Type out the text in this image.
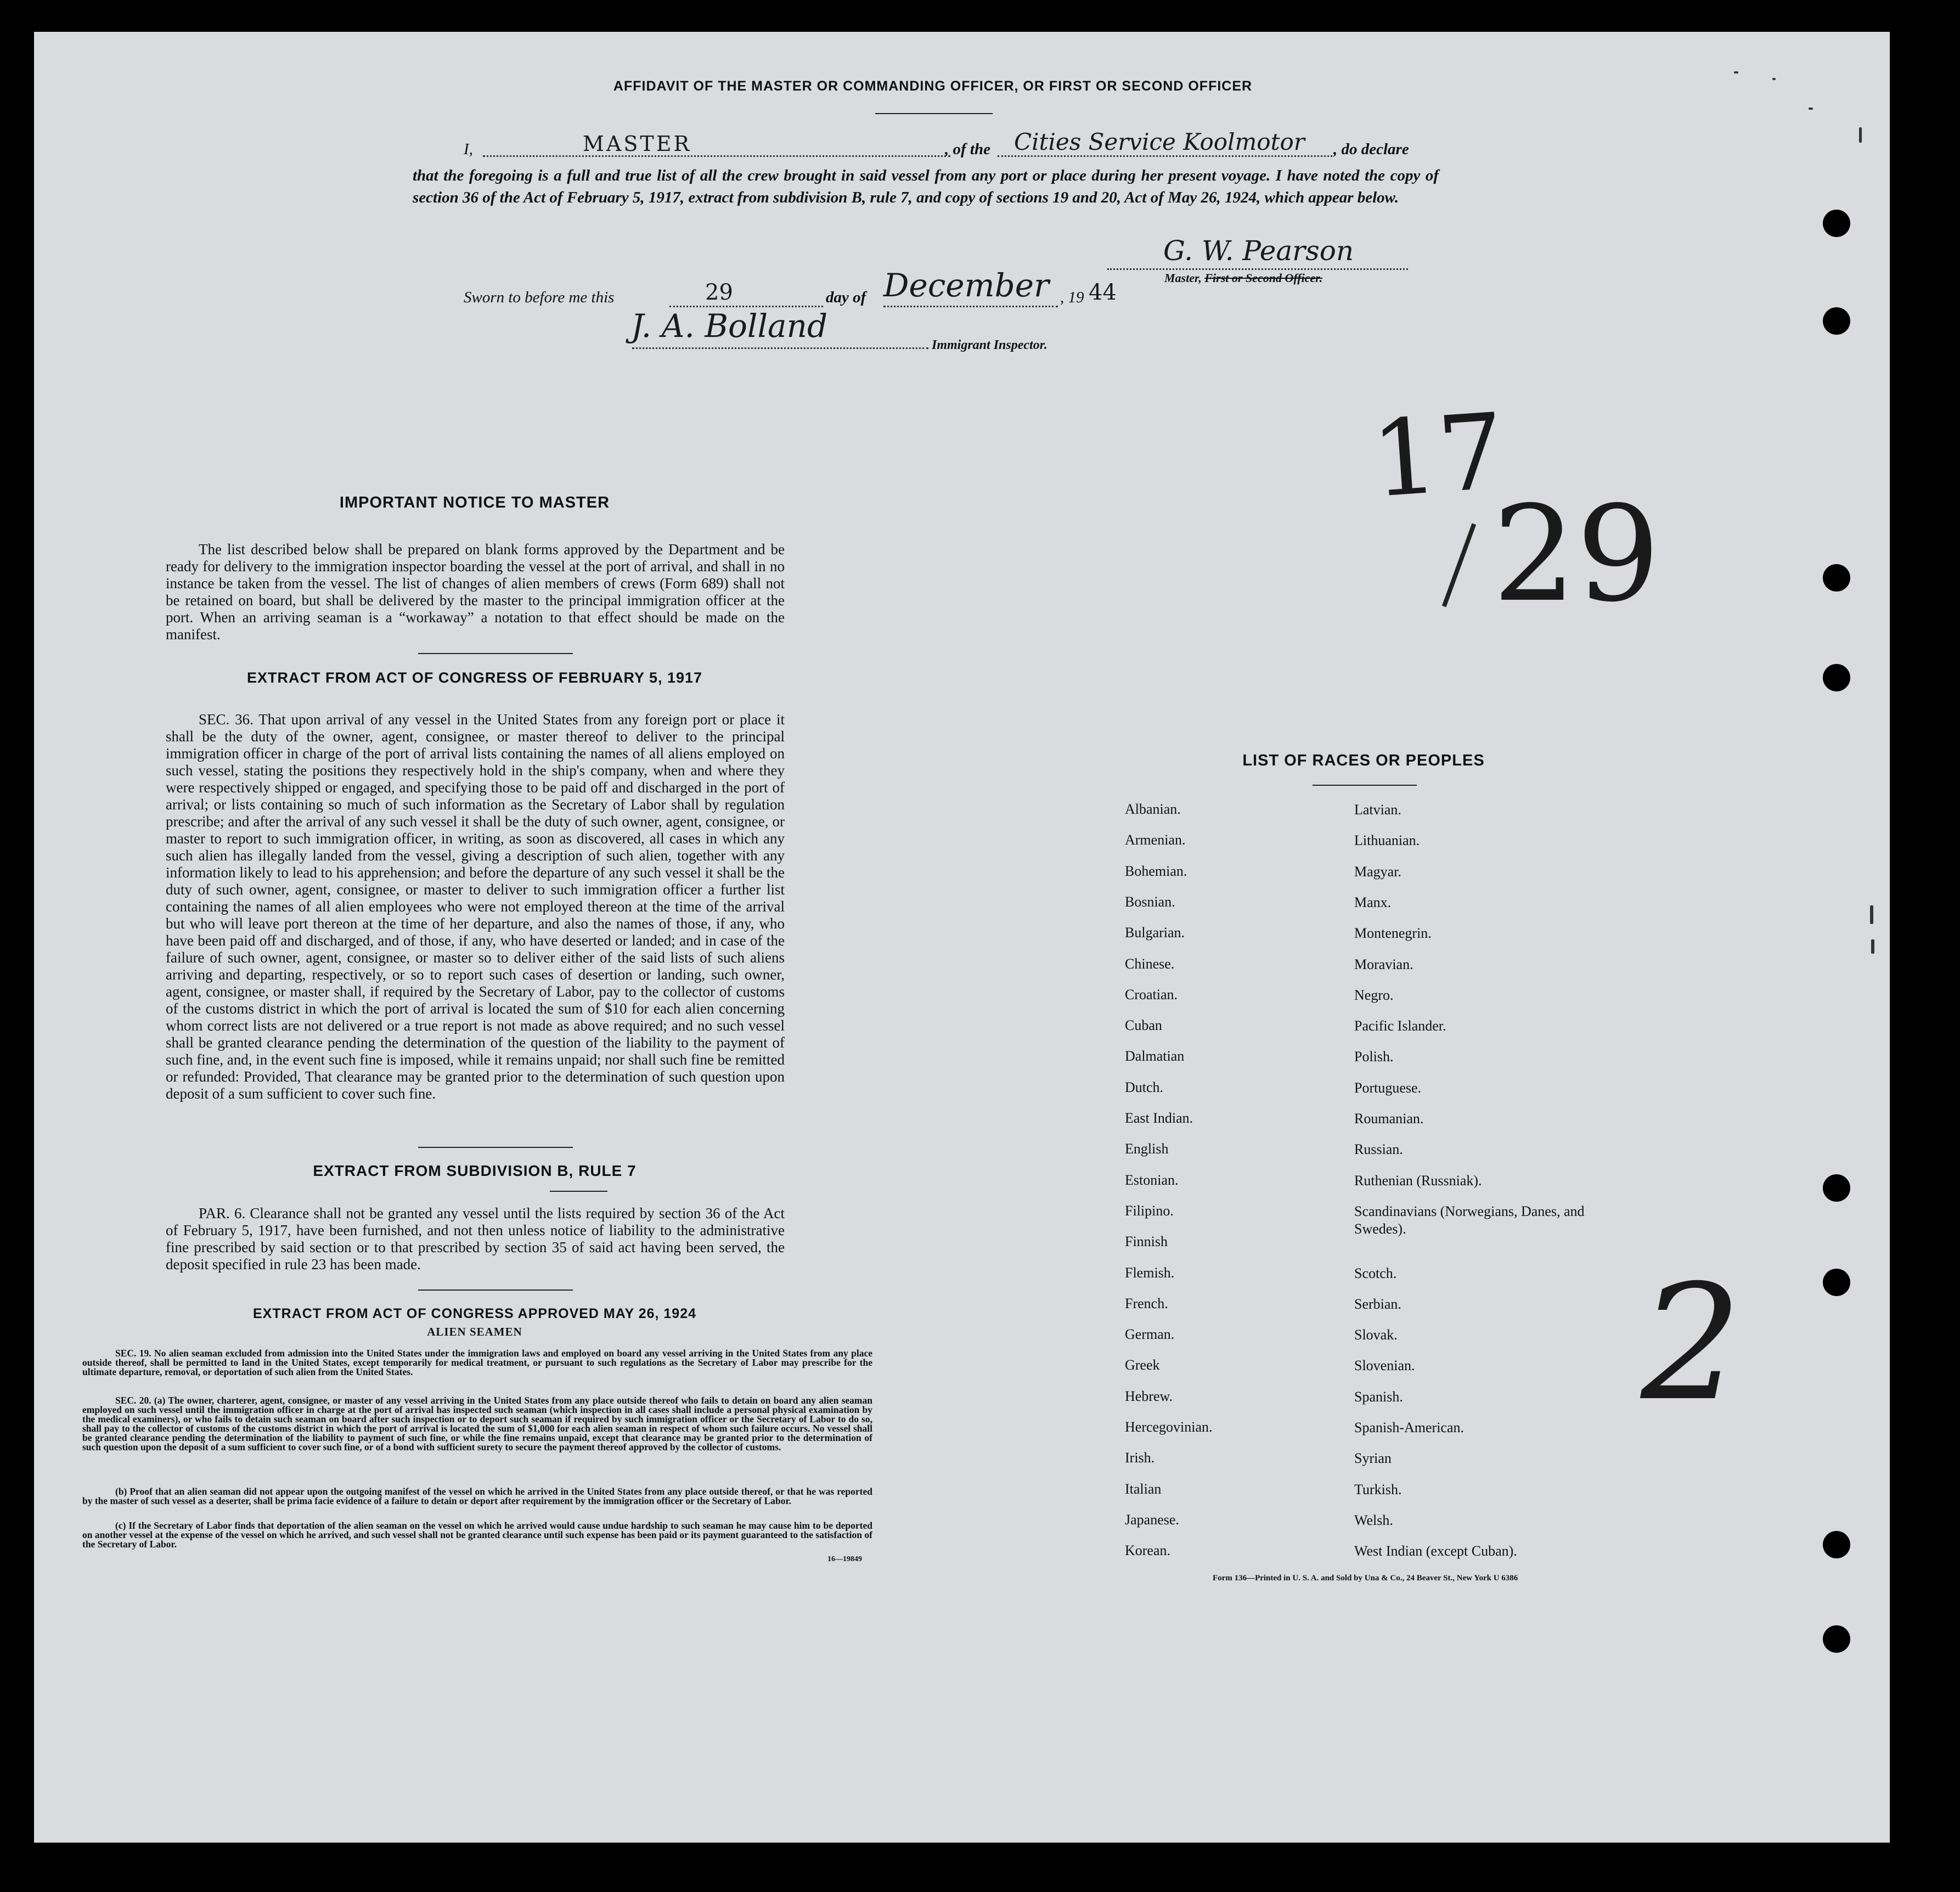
AFFIDAVIT OF THE MASTER OR COMMANDING OFFICER, OR FIRST OR SECOND OFFICER
I,	MASTER	, of the Cities Service Koolmotor , do declare
that the foregoing is a full and true list of all the crew brought in said vessel from any port or place during her present voyage. I have noted the copy of section 36 of the Act of February 5, 1917, extract from subdivision B, rule 7, and copy of sections 19 and 20, Act of May 26, 1924, which appear below.
G. W. Pearson
Master, First or Second Officer.
Sworn to before me this	29	day of December , 19 44
J. A. Bolland
Immigrant Inspector.
17
29
2
IMPORTANT NOTICE TO MASTER
The list described below shall be prepared on blank forms approved by the Department and be ready for delivery to the immigration inspector boarding the vessel at the port of arrival, and shall in no instance be taken from the vessel. The list of changes of alien members of crews (Form 689) shall not be retained on board, but shall be delivered by the master to the principal immigration officer at the port. When an arriving seaman is a “workaway” a notation to that effect should be made on the manifest.
EXTRACT FROM ACT OF CONGRESS OF FEBRUARY 5, 1917
SEC. 36. That upon arrival of any vessel in the United States from any foreign port or place it shall be the duty of the owner, agent, consignee, or master thereof to deliver to the principal immigration officer in charge of the port of arrival lists containing the names of all aliens employed on such vessel, stating the positions they respectively hold in the ship's company, when and where they were respectively shipped or engaged, and specifying those to be paid off and discharged in the port of arrival; or lists containing so much of such information as the Secretary of Labor shall by regulation prescribe; and after the arrival of any such vessel it shall be the duty of such owner, agent, consignee, or master to report to such immigration officer, in writing, as soon as discovered, all cases in which any such alien has illegally landed from the vessel, giving a description of such alien, together with any information likely to lead to his apprehension; and before the departure of any such vessel it shall be the duty of such owner, agent, consignee, or master to deliver to such immigration officer a further list containing the names of all alien employees who were not employed thereon at the time of the arrival but who will leave port thereon at the time of her departure, and also the names of those, if any, who have been paid off and discharged, and of those, if any, who have deserted or landed; and in case of the failure of such owner, agent, consignee, or master so to deliver either of the said lists of such aliens arriving and departing, respectively, or so to report such cases of desertion or landing, such owner, agent, consignee, or master shall, if required by the Secretary of Labor, pay to the collector of customs of the customs district in which the port of arrival is located the sum of $10 for each alien concerning whom correct lists are not delivered or a true report is not made as above required; and no such vessel shall be granted clearance pending the determination of the question of the liability to the payment of such fine, and, in the event such fine is imposed, while it remains unpaid; nor shall such fine be remitted or refunded: Provided, That clearance may be granted prior to the determination of such question upon deposit of a sum sufficient to cover such fine.
EXTRACT FROM SUBDIVISION B, RULE 7
PAR. 6. Clearance shall not be granted any vessel until the lists required by section 36 of the Act of February 5, 1917, have been furnished, and not then unless notice of liability to the administrative fine prescribed by said section or to that prescribed by section 35 of said act having been served, the deposit specified in rule 23 has been made.
EXTRACT FROM ACT OF CONGRESS APPROVED MAY 26, 1924
ALIEN SEAMEN
SEC. 19. No alien seaman excluded from admission into the United States under the immigration laws and employed on board any vessel arriving in the United States from any place outside thereof, shall be permitted to land in the United States, except temporarily for medical treatment, or pursuant to such regulations as the Secretary of Labor may prescribe for the ultimate departure, removal, or deportation of such alien from the United States.
SEC. 20. (a) The owner, charterer, agent, consignee, or master of any vessel arriving in the United States from any place outside thereof who fails to detain on board any alien seaman employed on such vessel until the immigration officer in charge at the port of arrival has inspected such seaman (which inspection in all cases shall include a personal physical examination by the medical examiners), or who fails to detain such seaman on board after such inspection or to deport such seaman if required by such immigration officer or the Secretary of Labor to do so, shall pay to the collector of customs of the customs district in which the port of arrival is located the sum of $1,000 for each alien seaman in respect of whom such failure occurs. No vessel shall be granted clearance pending the determination of the liability to payment of such fine, or while the fine remains unpaid, except that clearance may be granted prior to the determination of such question upon the deposit of a sum sufficient to cover such fine, or of a bond with sufficient surety to secure the payment thereof approved by the collector of customs.
(b) Proof that an alien seaman did not appear upon the outgoing manifest of the vessel on which he arrived in the United States from any place outside thereof, or that he was reported by the master of such vessel as a deserter, shall be prima facie evidence of a failure to detain or deport after requirement by the immigration officer or the Secretary of Labor.
(c) If the Secretary of Labor finds that deportation of the alien seaman on the vessel on which he arrived would cause undue hardship to such seaman he may cause him to be deported on another vessel at the expense of the vessel on which he arrived, and such vessel shall not be granted clearance until such expense has been paid or its payment guaranteed to the satisfaction of the Secretary of Labor.
16—19849
LIST OF RACES OR PEOPLES
Albanian.
Armenian.
Bohemian.
Bosnian.
Bulgarian.
Chinese.
Croatian.
Cuban
Dalmatian
Dutch.
East Indian.
English
Estonian.
Filipino.
Finnish
Flemish.
French.
German.
Greek
Hebrew.
Hercegovinian.
Irish.
Italian
Japanese.
Korean.
Latvian.
Lithuanian.
Magyar.
Manx.
Montenegrin.
Moravian.
Negro.
Pacific Islander.
Polish.
Portuguese.
Roumanian.
Russian.
Ruthenian (Russniak).
Scandinavians (Norwegians, Danes, and Swedes).
Scotch.
Serbian.
Slovak.
Slovenian.
Spanish.
Spanish-American.
Syrian
Turkish.
Welsh.
West Indian (except Cuban).
Form 136—Printed in U. S. A. and Sold by Una & Co., 24 Beaver St., New York U 6386
